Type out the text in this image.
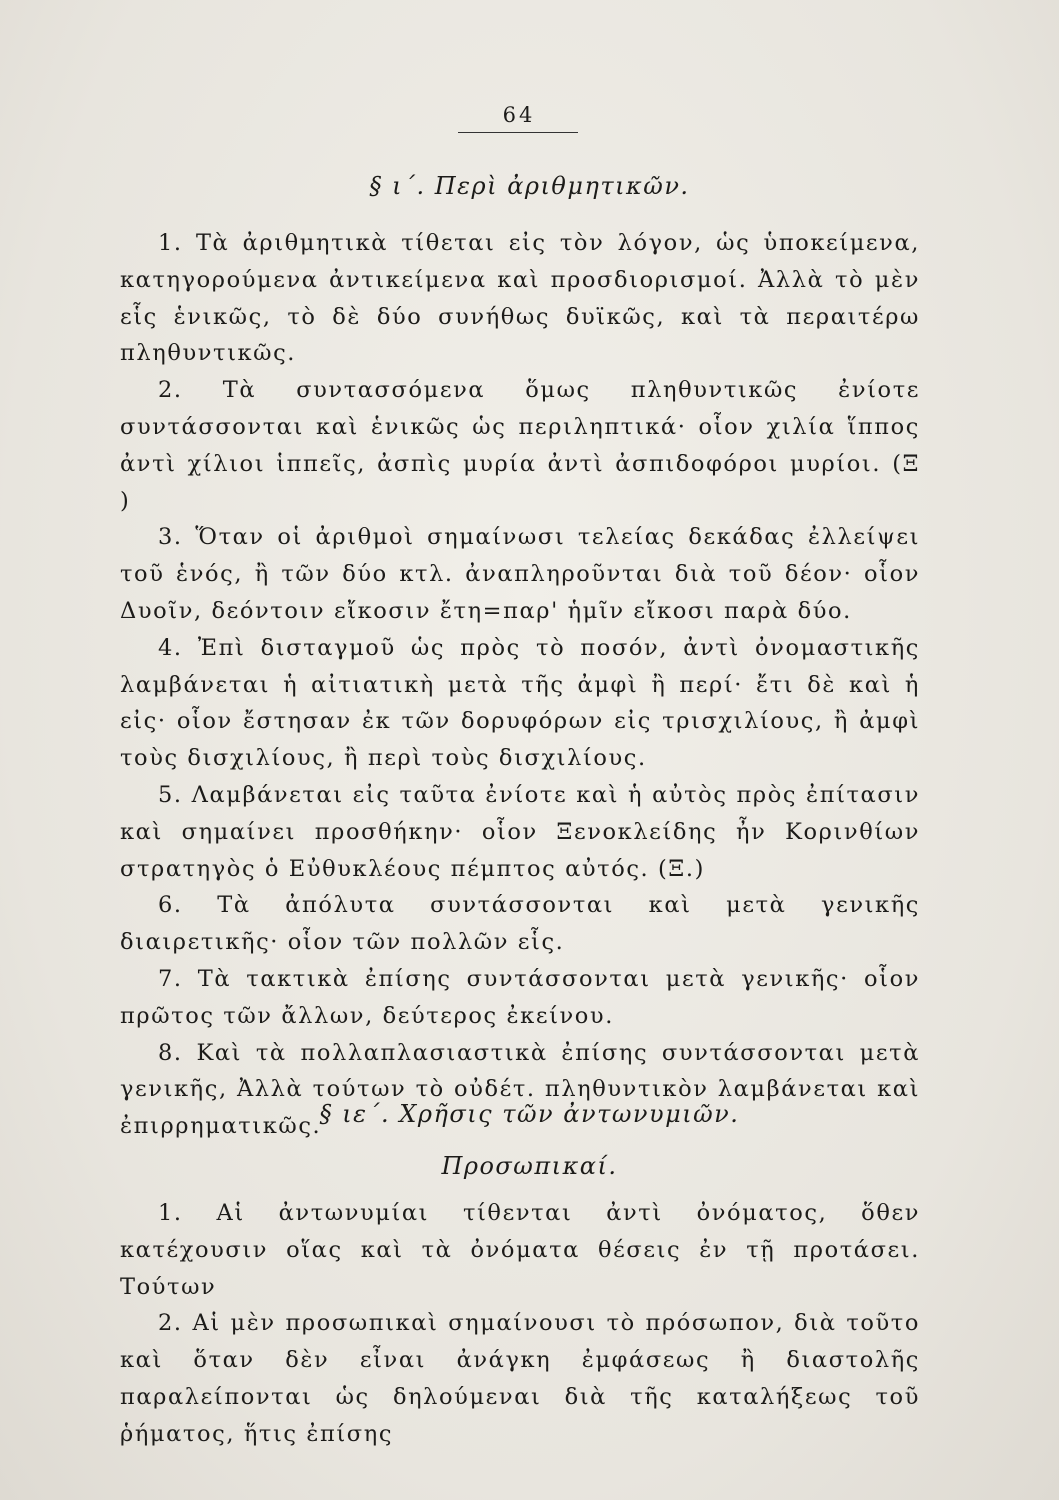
64
§ ι΄. Περὶ ἀριθμητικῶν.

1. Τὰ ἀριθμητικὰ τίθεται εἰς τὸν λόγον, ὡς ὑποκείμενα, κατηγορούμενα ἀντικείμενα καὶ προσδιορισμοί. Ἀλλὰ τὸ μὲν εἷς ἑνικῶς, τὸ δὲ δύο συνήθως δυϊκῶς, καὶ τὰ περαιτέρω πληθυντικῶς.

2. Τὰ συντασσόμενα ὅμως πληθυντικῶς ἐνίοτε συντάσσονται καὶ ἑνικῶς ὡς περιληπτικά· οἷον χιλία ἵππος ἀντὶ χίλιοι ἱππεῖς, ἀσπὶς μυρία ἀντὶ ἀσπιδοφόροι μυρίοι. (Ξ )

3. Ὅταν οἱ ἀριθμοὶ σημαίνωσι τελείας δεκάδας ἐλλείψει τοῦ ἑνός, ἢ τῶν δύο κτλ. ἀναπληροῦνται διὰ τοῦ δέον· οἷον Δυοῖν, δεόντοιν εἴκοσιν ἔτη=παρ' ἡμῖν εἴκοσι παρὰ δύο.

4. Ἐπὶ δισταγμοῦ ὡς πρὸς τὸ ποσόν, ἀντὶ ὀνομαστικῆς λαμβάνεται ἡ αἰτιατικὴ μετὰ τῆς ἀμφὶ ἢ περί· ἔτι δὲ καὶ ἡ εἰς· οἷον ἔστησαν ἐκ τῶν δορυφόρων εἰς τρισχιλίους, ἢ ἀμφὶ τοὺς δισχιλίους, ἢ περὶ τοὺς δισχιλίους.

5. Λαμβάνεται εἰς ταῦτα ἐνίοτε καὶ ἡ αὐτὸς πρὸς ἐπίτασιν καὶ σημαίνει προσθήκην· οἷον Ξενοκλείδης ἦν Κορινθίων στρατηγὸς ὁ Εὐθυκλέους πέμπτος αὐτός. (Ξ.)

6. Τὰ ἀπόλυτα συντάσσονται καὶ μετὰ γενικῆς διαιρετικῆς· οἷον τῶν πολλῶν εἷς.

7. Τὰ τακτικὰ ἐπίσης συντάσσονται μετὰ γενικῆς· οἷον πρῶτος τῶν ἄλλων, δεύτερος ἐκείνου.

8. Καὶ τὰ πολλαπλασιαστικὰ ἐπίσης συντάσσονται μετὰ γενικῆς, Ἀλλὰ τούτων τὸ οὐδέτ. πληθυντικὸν λαμβάνεται καὶ ἐπιρρηματικῶς.

§ ιε΄. Χρῆσις τῶν ἀντωνυμιῶν.
Προσωπικαί.

1. Αἱ ἀντωνυμίαι τίθενται ἀντὶ ὀνόματος, ὅθεν κατέχουσιν οἵας καὶ τὰ ὀνόματα θέσεις ἐν τῇ προτάσει. Τούτων

2. Αἱ μὲν προσωπικαὶ σημαίνουσι τὸ πρόσωπον, διὰ τοῦτο καὶ ὅταν δὲν εἶναι ἀνάγκη ἐμφάσεως ἢ διαστολῆς παραλείπονται ὡς δηλούμεναι διὰ τῆς καταλήξεως τοῦ ῥήματος, ἥτις ἐπίσης
